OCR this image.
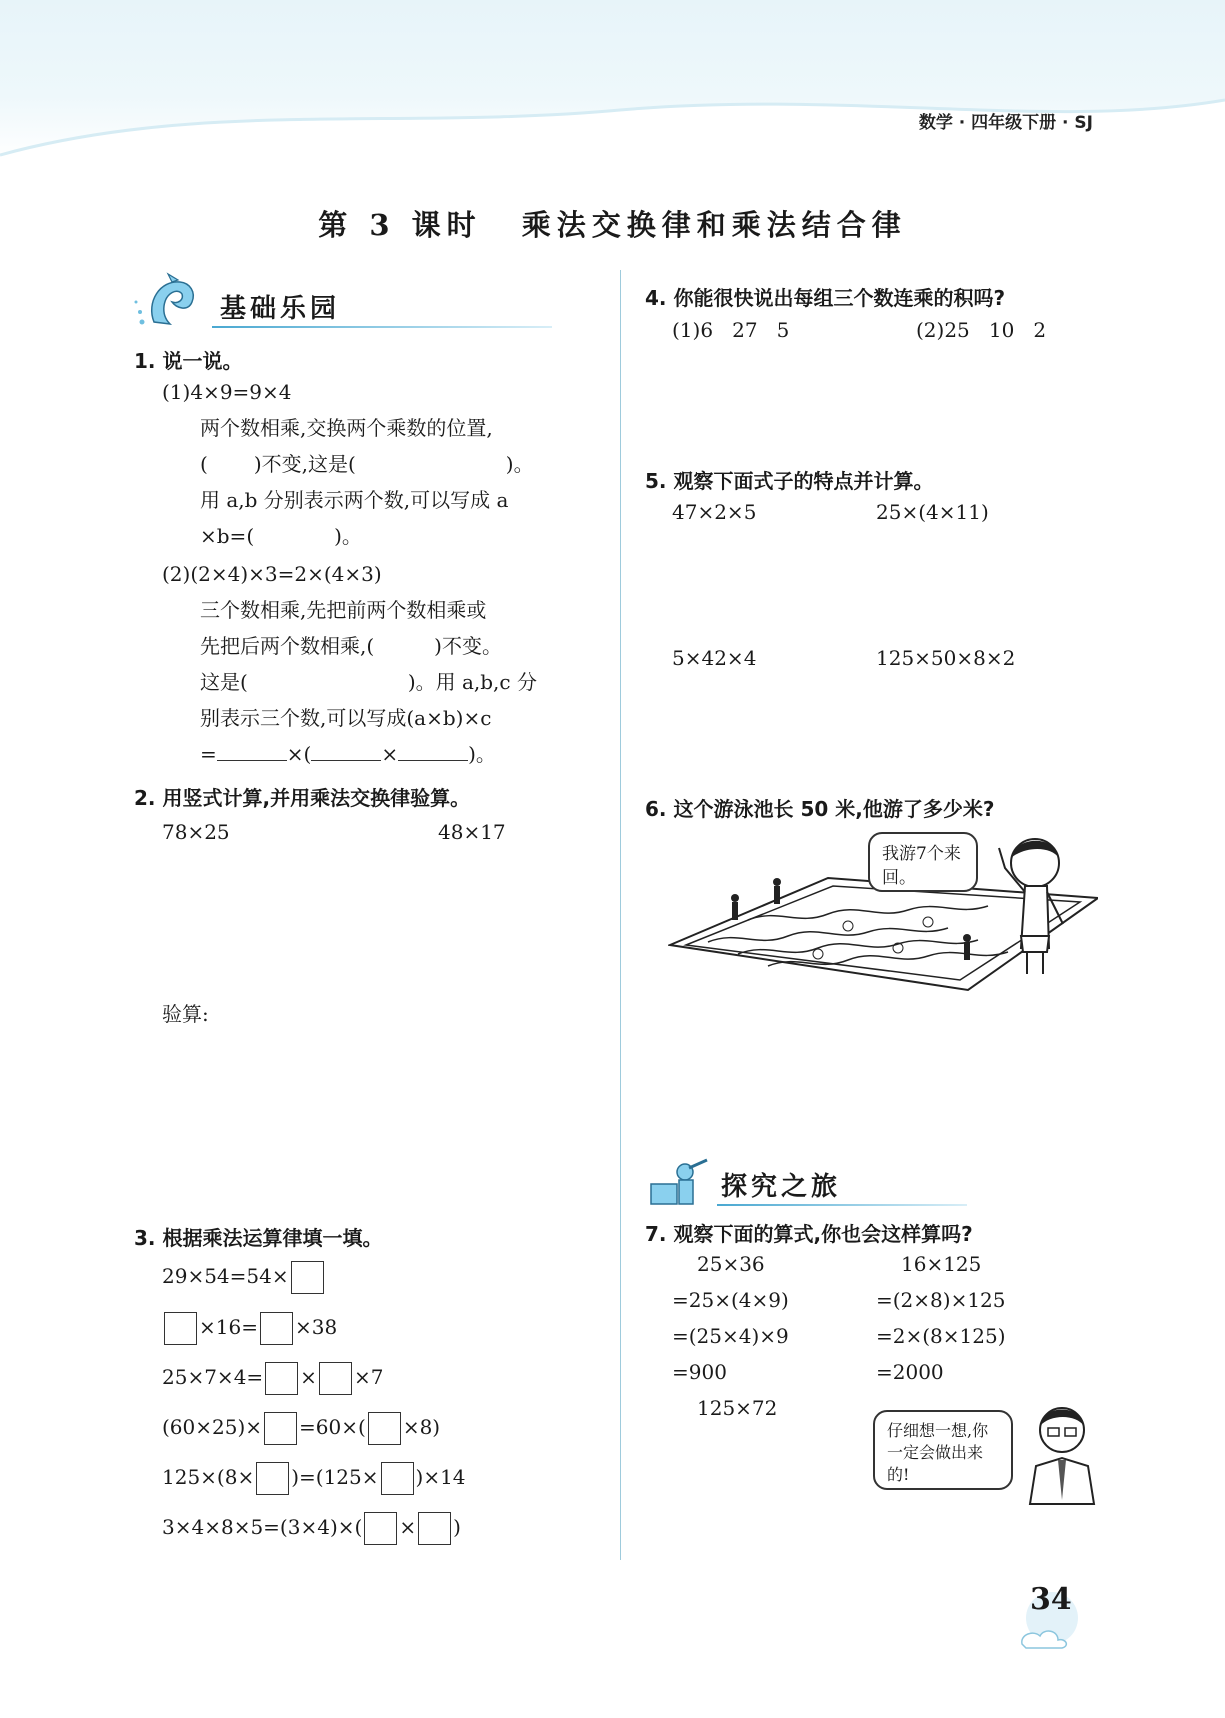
数学 · 四年级下册 · SJ
第 3 课时 乘法交换律和乘法结合律
基础乐园
1. 说一说。
(1)4×9=9×4
两个数相乘,交换两个乘数的位置,
( )不变,这是(	)。
用 a,b 分别表示两个数,可以写成 a
×b=(	)。
(2)(2×4)×3=2×(4×3)
三个数相乘,先把前两个数相乘或
先把后两个数相乘,(	)不变。
这是(	)。用 a,b,c 分
别表示三个数,可以写成(a×b)×c
=	×(	×	)。
2. 用竖式计算,并用乘法交换律验算。
78×25	48×17
验算:
3. 根据乘法运算律填一填。
29×54=54×
×16= ×38
25×7×4= × ×7
(60×25)× =60×( ×8)
125×(8× )=(125× )×14
3×4×8×5=(3×4)×( × )
4. 你能很快说出每组三个数连乘的积吗?
(1)6   27   5	(2)25   10   2
5. 观察下面式子的特点并计算。
47×2×5	25×(4×11)
5×42×4	125×50×8×2
6. 这个游泳池长 50 米,他游了多少米?
我游7个来回。
探究之旅
7. 观察下面的算式,你也会这样算吗?
25×36
=25×(4×9)
=(25×4)×9
=900
125×72
16×125
=(2×8)×125
=2×(8×125)
=2000
仔细想一想,你一定会做出来的!
34
